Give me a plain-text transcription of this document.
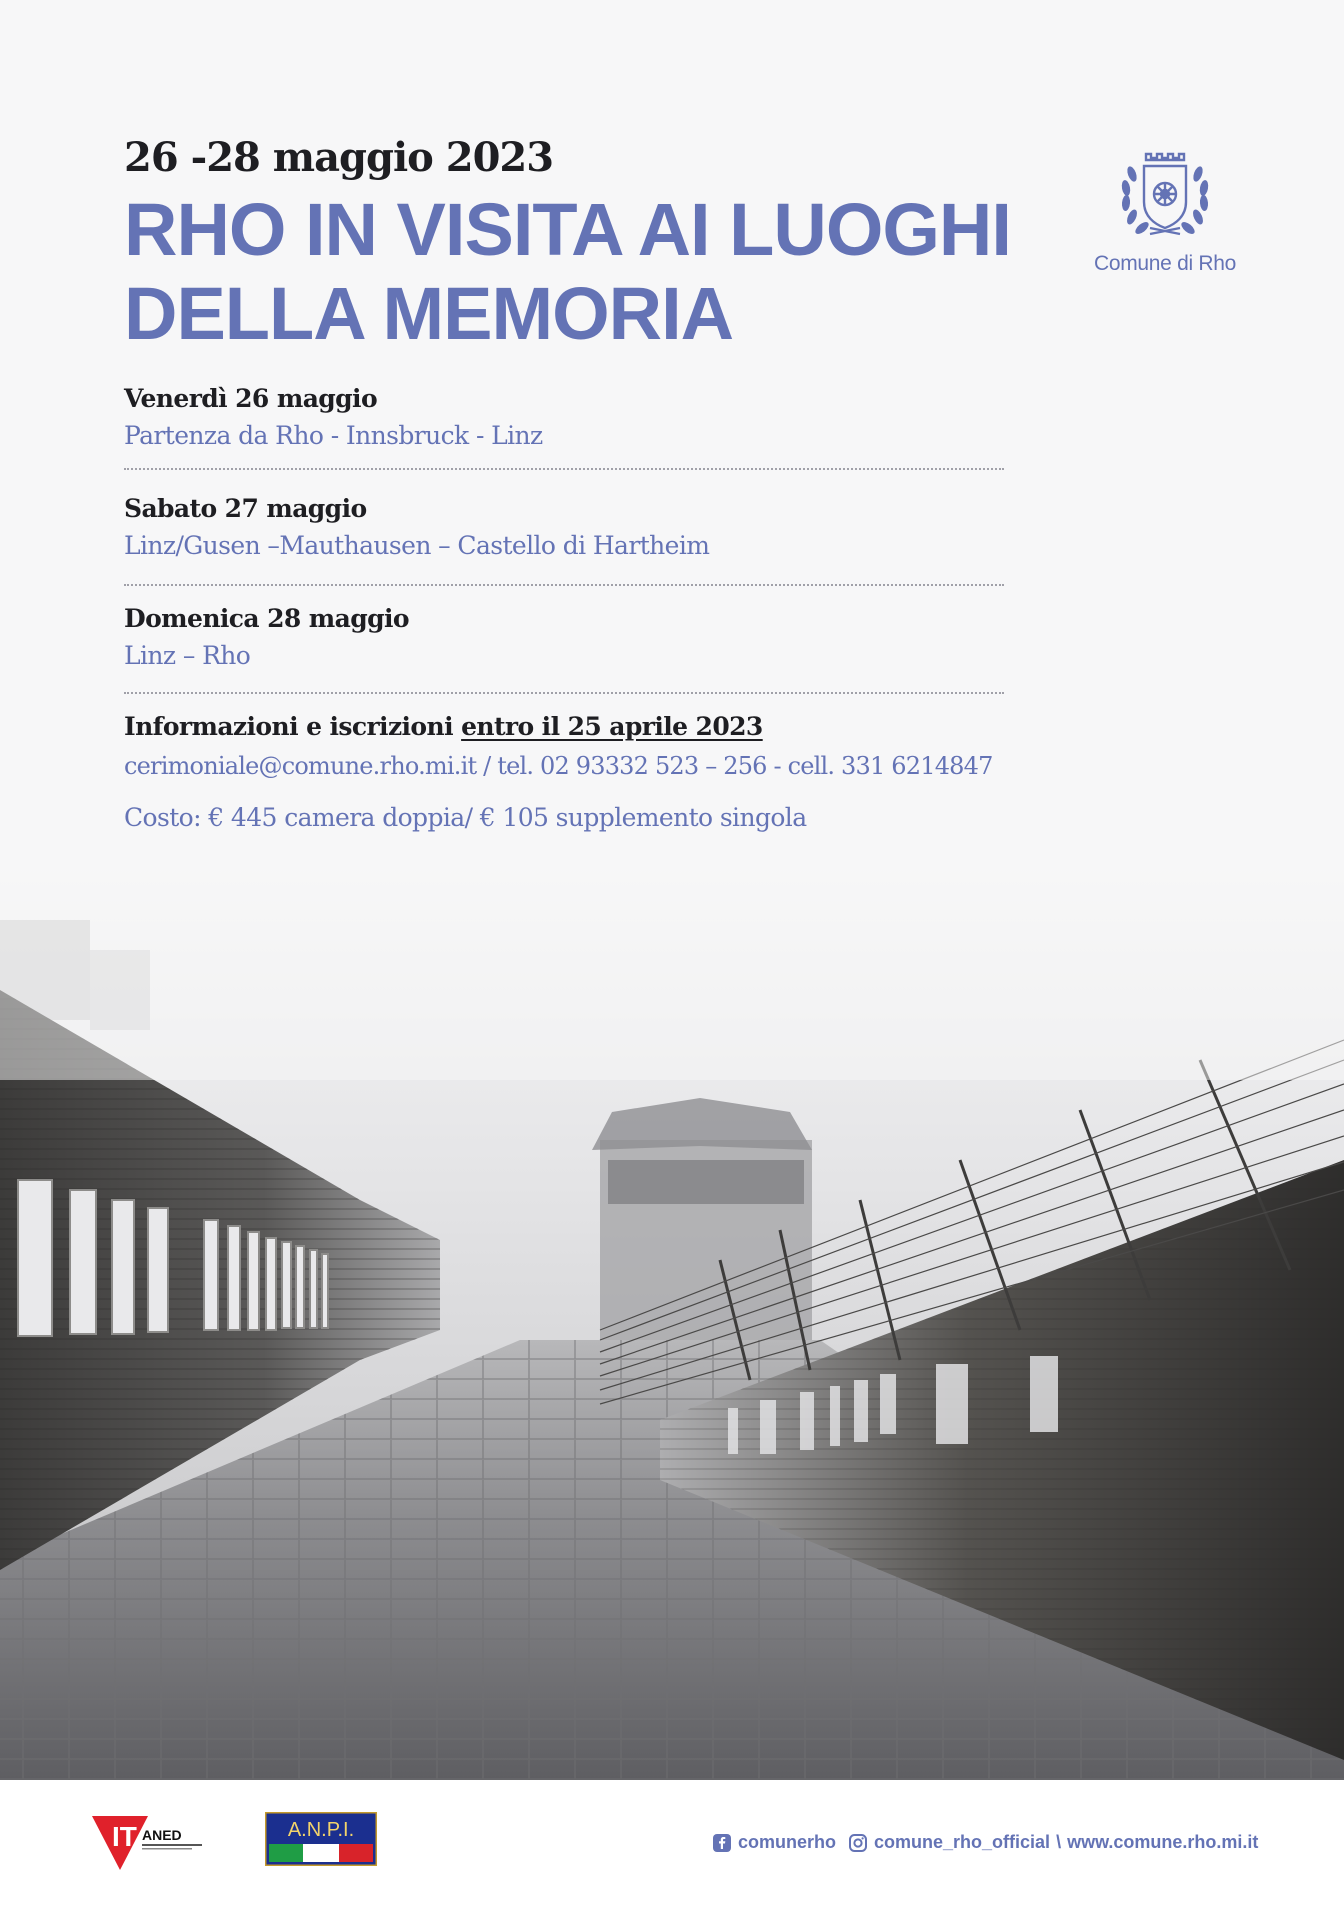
26 -28 maggio 2023
RHO IN VISITA AI LUOGHI
DELLA MEMORIA
Comune di Rho
Venerdì 26 maggio
Partenza da Rho - Innsbruck - Linz
Sabato 27 maggio
Linz/Gusen –Mauthausen – Castello di Hartheim
Domenica 28 maggio
Linz – Rho
Informazioni e iscrizioni entro il 25 aprile 2023
cerimoniale@comune.rho.mi.it / tel. 02 93332 523 – 256 - cell. 331 6214847
Costo: € 445 camera doppia/ € 105 supplemento singola
IT ANED	A.N.P.I.
comunerho comune_rho_official \ www.comune.rho.mi.it
